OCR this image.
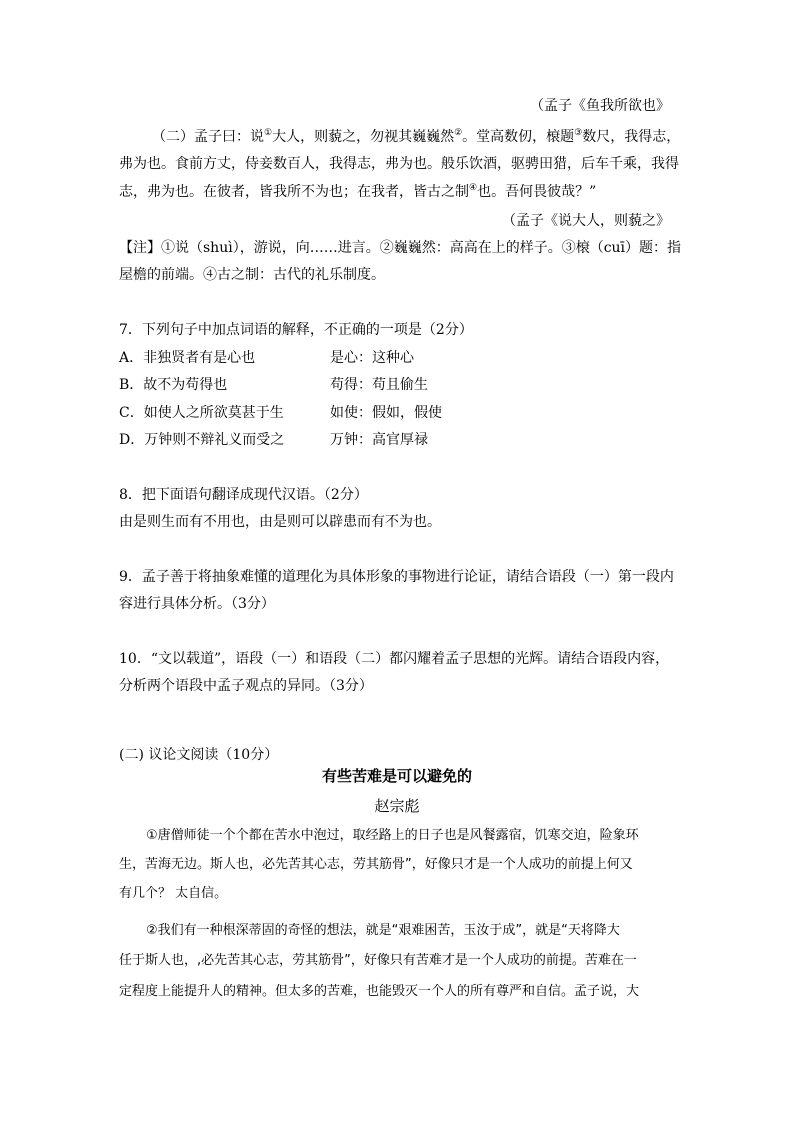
（孟子《鱼我所欲也》
（二）孟子曰：说①大人，则藐之，勿视其巍巍然②。堂高数仞，榱题③数尺，我得志，
弗为也。食前方丈，侍妾数百人，我得志，弗为也。般乐饮酒，驱骋田猎，后车千乘，我得
志，弗为也。在彼者，皆我所不为也；在我者，皆古之制④也。吾何畏彼哉？”
（孟子《说大人，则藐之》
【注】①说（shuì），游说，向……进言。②巍巍然：高高在上的样子。③榱（cuī）题：指
屋檐的前端。④古之制：古代的礼乐制度。
7．下列句子中加点词语的解释，不正确的一项是（2分）
A．非独贤者有是心也	是心：这种心
B．故不为苟得也	苟得：苟且偷生
C．如使人之所欲莫甚于生	如使：假如，假使
D．万钟则不辩礼义而受之	万钟：高官厚禄
8．把下面语句翻译成现代汉语。（2分）
由是则生而有不用也，由是则可以辟患而有不为也。
9．孟子善于将抽象难懂的道理化为具体形象的事物进行论证，请结合语段（一）第一段内
容进行具体分析。（3分）
10．“文以载道”，语段（一）和语段（二）都闪耀着孟子思想的光辉。请结合语段内容，
分析两个语段中孟子观点的异同。（3分）
(二) 议论文阅读（10分）
有些苦难是可以避免的
赵宗彪
①唐僧师徒一个个都在苦水中泡过，取经路上的日子也是风餐露宿，饥寒交迫，险象环
生，苦海无边。斯人也，必先苦其心志，劳其筋骨”，好像只才是一个人成功的前提上何又
有几个？ 太自信。
②我们有一种根深蒂固的奇怪的想法，就是“艰难困苦，玉汝于成”，就是“天将降大
任于斯人也，,必先苦其心志，劳其筋骨”，好像只有苦难才是一个人成功的前提。苦难在一
定程度上能提升人的精神。但太多的苦难，也能毁灭一个人的所有尊严和自信。孟子说，大
